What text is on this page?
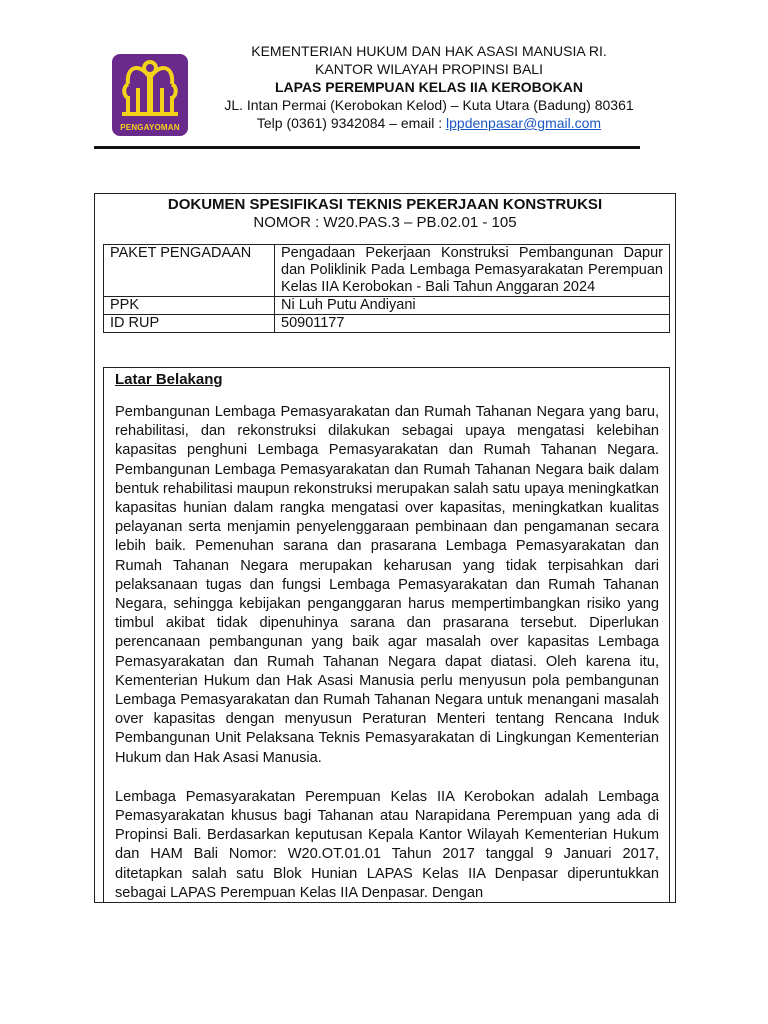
PENGAYOMAN
KEMENTERIAN HUKUM DAN HAK ASASI MANUSIA RI.
KANTOR WILAYAH PROPINSI BALI
LAPAS PEREMPUAN KELAS IIA KEROBOKAN
JL. Intan Permai (Kerobokan Kelod) – Kuta Utara (Badung) 80361
Telp (0361) 9342084 – email : lppdenpasar@gmail.com
DOKUMEN SPESIFIKASI TEKNIS PEKERJAAN KONSTRUKSI
NOMOR : W20.PAS.3 – PB.02.01 - 105
PAKET PENGADAAN	Pengadaan Pekerjaan Konstruksi Pembangunan Dapur dan Poliklinik Pada Lembaga Pemasyarakatan Perempuan Kelas IIA Kerobokan - Bali Tahun Anggaran 2024
PPK	Ni Luh Putu Andiyani
ID RUP	50901177
Latar Belakang

Pembangunan Lembaga Pemasyarakatan dan Rumah Tahanan Negara yang baru, rehabilitasi, dan rekonstruksi dilakukan sebagai upaya mengatasi kelebihan kapasitas penghuni Lembaga Pemasyarakatan dan Rumah Tahanan Negara. Pembangunan Lembaga Pemasyarakatan dan Rumah Tahanan Negara baik dalam bentuk rehabilitasi maupun rekonstruksi merupakan salah satu upaya meningkatkan kapasitas hunian dalam rangka mengatasi over kapasitas, meningkatkan kualitas pelayanan serta menjamin penyelenggaraan pembinaan dan pengamanan secara lebih baik. Pemenuhan sarana dan prasarana Lembaga Pemasyarakatan dan Rumah Tahanan Negara merupakan keharusan yang tidak terpisahkan dari pelaksanaan tugas dan fungsi Lembaga Pemasyarakatan dan Rumah Tahanan Negara, sehingga kebijakan penganggaran harus mempertimbangkan risiko yang timbul akibat tidak dipenuhinya sarana dan prasarana tersebut. Diperlukan perencanaan pembangunan yang baik agar masalah over kapasitas Lembaga Pemasyarakatan dan Rumah Tahanan Negara dapat diatasi. Oleh karena itu, Kementerian Hukum dan Hak Asasi Manusia perlu menyusun pola pembangunan Lembaga Pemasyarakatan dan Rumah Tahanan Negara untuk menangani masalah over kapasitas dengan menyusun Peraturan Menteri tentang Rencana Induk Pembangunan Unit Pelaksana Teknis Pemasyarakatan di Lingkungan Kementerian Hukum dan Hak Asasi Manusia.

Lembaga Pemasyarakatan Perempuan Kelas IIA Kerobokan adalah Lembaga Pemasyarakatan khusus bagi Tahanan atau Narapidana Perempuan yang ada di Propinsi Bali. Berdasarkan keputusan Kepala Kantor Wilayah Kementerian Hukum dan HAM Bali Nomor: W20.OT.01.01 Tahun 2017 tanggal 9 Januari 2017, ditetapkan salah satu Blok Hunian LAPAS Kelas IIA Denpasar diperuntukkan sebagai LAPAS Perempuan Kelas IIA Denpasar. Dengan
